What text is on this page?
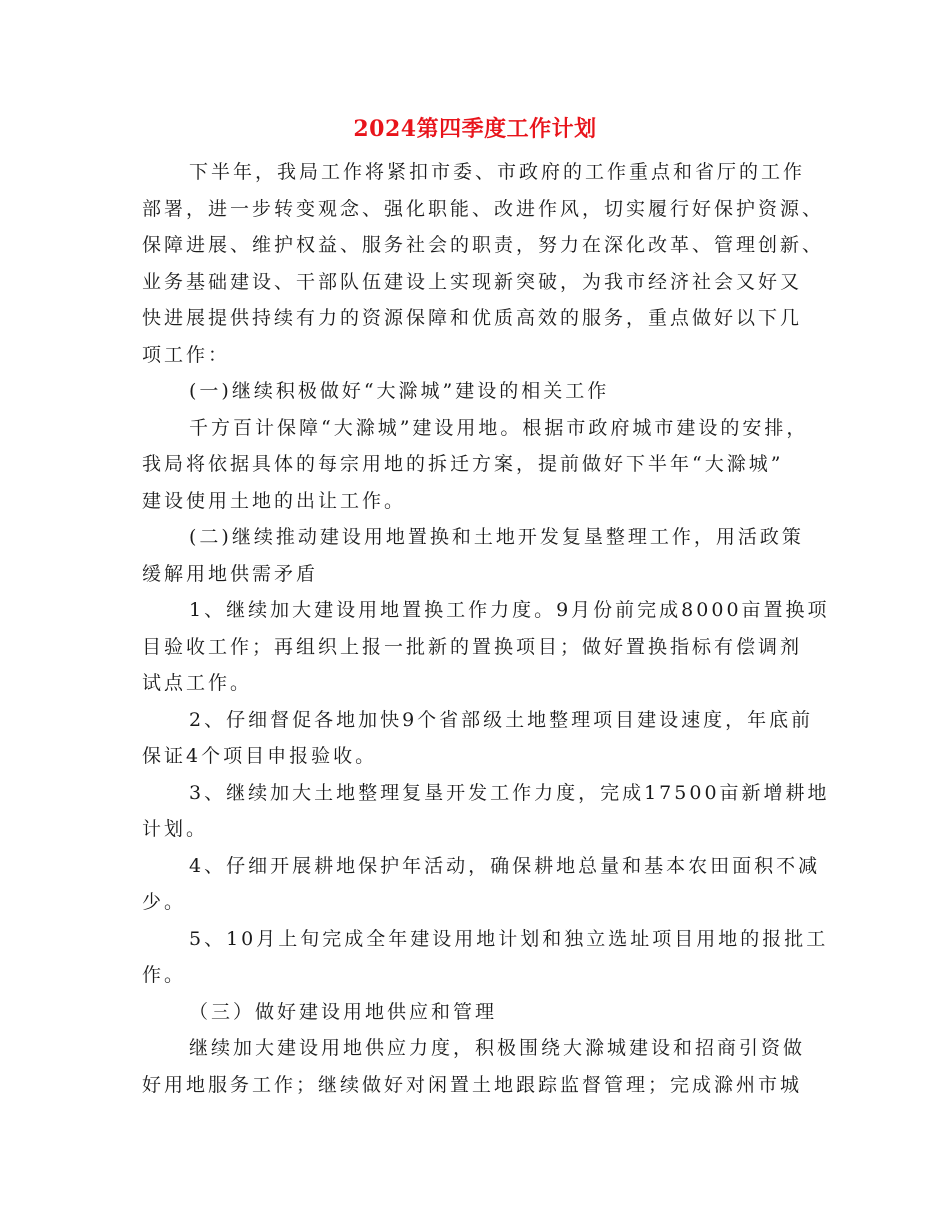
2024第四季度工作计划
下半年，我局工作将紧扣市委、市政府的工作重点和省厅的工作
部署，进一步转变观念、强化职能、改进作风，切实履行好保护资源、
保障进展、维护权益、服务社会的职责，努力在深化改革、管理创新、
业务基础建设、干部队伍建设上实现新突破，为我市经济社会又好又
快进展提供持续有力的资源保障和优质高效的服务，重点做好以下几
项工作：
(一)继续积极做好“大滁城”建设的相关工作
千方百计保障“大滁城”建设用地。根据市政府城市建设的安排，
我局将依据具体的每宗用地的拆迁方案，提前做好下半年“大滁城”
建设使用土地的出让工作。
(二)继续推动建设用地置换和土地开发复垦整理工作，用活政策
缓解用地供需矛盾
1、继续加大建设用地置换工作力度。9月份前完成8000亩置换项
目验收工作；再组织上报一批新的置换项目；做好置换指标有偿调剂
试点工作。
2、仔细督促各地加快9个省部级土地整理项目建设速度，年底前
保证4个项目申报验收。
3、继续加大土地整理复垦开发工作力度，完成17500亩新增耕地
计划。
4、仔细开展耕地保护年活动，确保耕地总量和基本农田面积不减
少。
5、10月上旬完成全年建设用地计划和独立选址项目用地的报批工
作。
（三）做好建设用地供应和管理
继续加大建设用地供应力度，积极围绕大滁城建设和招商引资做
好用地服务工作；继续做好对闲置土地跟踪监督管理；完成滁州市城
